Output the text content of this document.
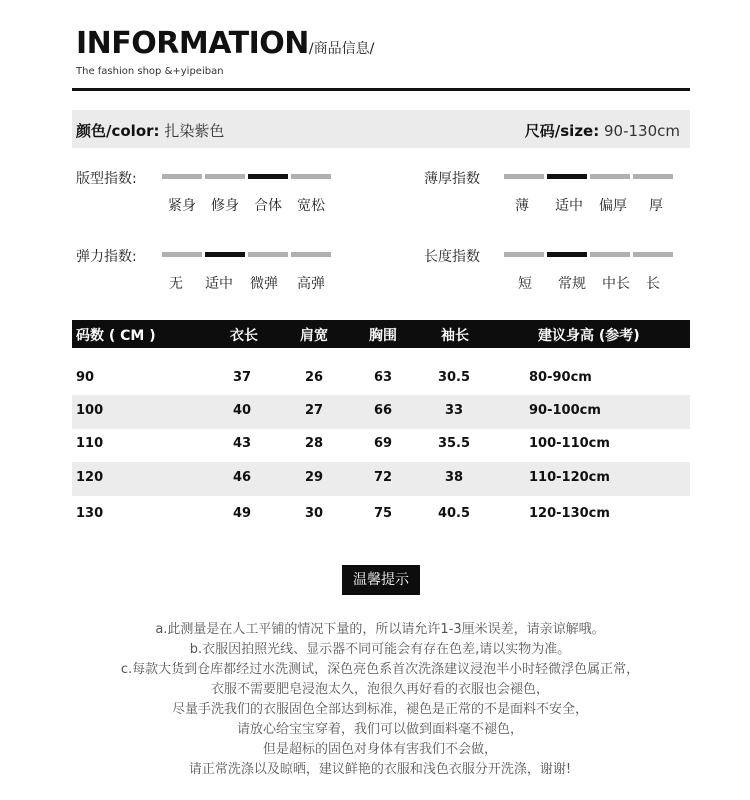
INFORMATION/商品信息/
The fashion shop &+yipeiban
颜色/color: 扎染紫色	尺码/size: 90-130cm
版型指数:
紧身	修身	合体	宽松
薄厚指数
薄	适中	偏厚	厚
弹力指数:
无	适中	微弹	高弹
长度指数
短	常规	中长	长
码数 ( CM )	衣长	肩宽	胸围	袖长	建议身高 (参考)
90	37	26	63	30.5	80-90cm
100	40	27	66	33	90-100cm
110	43	28	69	35.5	100-110cm
120	46	29	72	38	110-120cm
130	49	30	75	40.5	120-130cm
温馨提示
a.此测量是在人工平铺的情况下量的，所以请允许1-3厘米误差，请亲谅解哦。
b.衣服因拍照光线、显示器不同可能会有存在色差,请以实物为准。
c.每款大货到仓库都经过水洗测试，深色亮色系首次洗涤建议浸泡半小时轻微浮色属正常，
衣服不需要肥皂浸泡太久，泡很久再好看的衣服也会褪色，
尽量手洗我们的衣服固色全部达到标准，褪色是正常的不是面料不安全，
请放心给宝宝穿着，我们可以做到面料毫不褪色，
但是超标的固色对身体有害我们不会做，
请正常洗涤以及晾晒，建议鲜艳的衣服和浅色衣服分开洗涤，谢谢!
